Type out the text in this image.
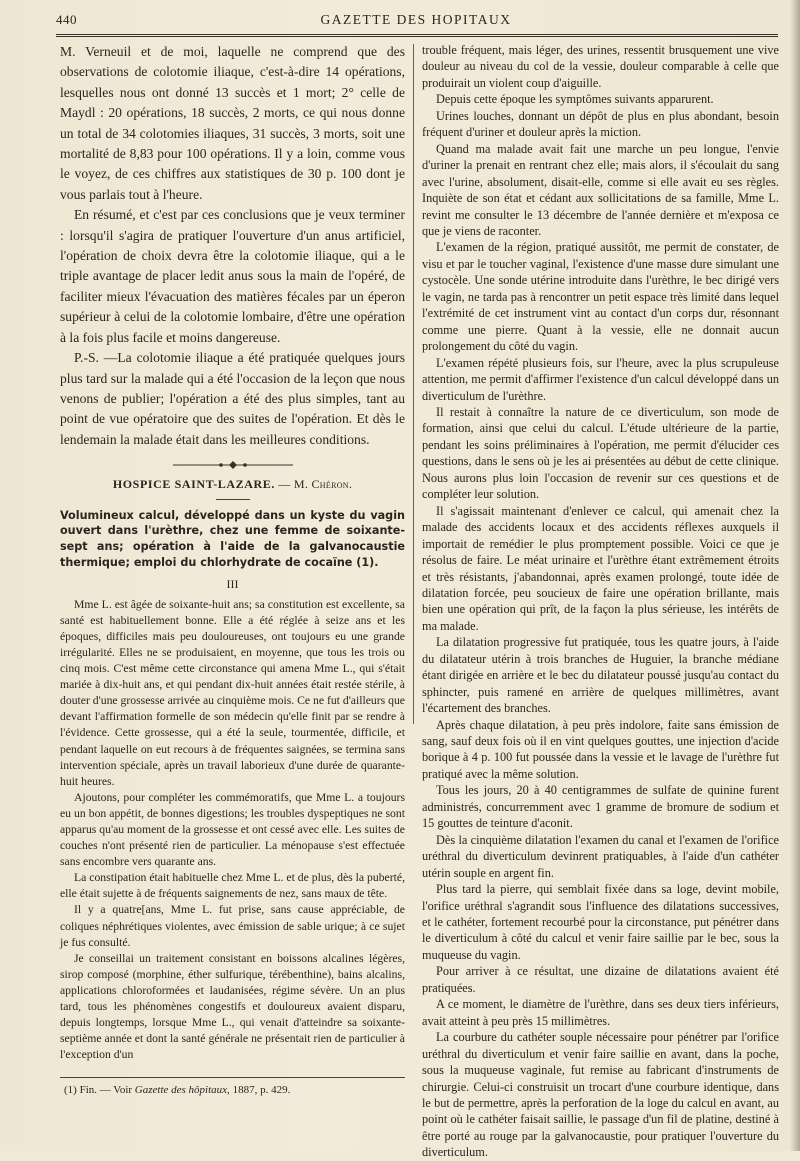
440	GAZETTE DES HOPITAUX

M. Verneuil et de moi, laquelle ne comprend que des observations de colotomie iliaque, c'est-à-dire 14 opérations, lesquelles nous ont donné 13 succès et 1 mort; 2° celle de Maydl : 20 opérations, 18 succès, 2 morts, ce qui nous donne un total de 34 colotomies iliaques, 31 succès, 3 morts, soit une mortalité de 8,83 pour 100 opérations. Il y a loin, comme vous le voyez, de ces chiffres aux statistiques de 30 p. 100 dont je vous parlais tout à l'heure.

En résumé, et c'est par ces conclusions que je veux terminer : lorsqu'il s'agira de pratiquer l'ouverture d'un anus artificiel, l'opération de choix devra être la colotomie iliaque, qui a le triple avantage de placer ledit anus sous la main de l'opéré, de faciliter mieux l'évacuation des matières fécales par un éperon supérieur à celui de la colotomie lombaire, d'être une opération à la fois plus facile et moins dangereuse.

P.-S. —La colotomie iliaque a été pratiquée quelques jours plus tard sur la malade qui a été l'occasion de la leçon que nous venons de publier; l'opération a été des plus simples, tant au point de vue opératoire que des suites de l'opération. Et dès le lendemain la malade était dans les meilleures conditions.

HOSPICE SAINT-LAZARE. — M. Chéron.
Volumineux calcul, développé dans un kyste du vagin ouvert dans l'urèthre, chez une femme de soixante-sept ans; opération à l'aide de la galvanocaustie thermique; emploi du chlorhydrate de cocaïne (1).
III

Mme L. est âgée de soixante-huit ans; sa constitution est excellente, sa santé est habituellement bonne. Elle a été réglée à seize ans et les époques, difficiles mais peu douloureuses, ont toujours eu une grande irrégularité. Elles ne se produisaient, en moyenne, que tous les trois ou cinq mois. C'est même cette circonstance qui amena Mme L., qui s'était mariée à dix-huit ans, et qui pendant dix-huit années était restée stérile, à douter d'une grossesse arrivée au cinquième mois. Ce ne fut d'ailleurs que devant l'affirmation formelle de son médecin qu'elle finit par se rendre à l'évidence. Cette grossesse, qui a été la seule, tourmentée, difficile, et pendant laquelle on eut recours à de fréquentes saignées, se termina sans intervention spéciale, après un travail laborieux d'une durée de quarante-huit heures.

Ajoutons, pour compléter les commémoratifs, que Mme L. a toujours eu un bon appétit, de bonnes digestions; les troubles dyspeptiques ne sont apparus qu'au moment de la grossesse et ont cessé avec elle. Les suites de couches n'ont présenté rien de particulier. La ménopause s'est effectuée sans encombre vers quarante ans.

La constipation était habituelle chez Mme L. et de plus, dès la puberté, elle était sujette à de fréquents saignements de nez, sans maux de tête.

Il y a quatre[ans, Mme L. fut prise, sans cause appréciable, de coliques néphrétiques violentes, avec émission de sable urique; à ce sujet je fus consulté.

Je conseillai un traitement consistant en boissons alcalines légères, sirop composé (morphine, éther sulfurique, térébenthine), bains alcalins, applications chloroformées et laudanisées, régime sévère. Un an plus tard, tous les phénomènes congestifs et douloureux avaient disparu, depuis longtemps, lorsque Mme L., qui venait d'atteindre sa soixante-septième année et dont la santé générale ne présentait rien de particulier à l'exception d'un

(1) Fin. — Voir Gazette des hôpitaux, 1887, p. 429.

trouble fréquent, mais léger, des urines, ressentit brusquement une vive douleur au niveau du col de la vessie, douleur comparable à celle que produirait un violent coup d'aiguille.

Depuis cette époque les symptômes suivants apparurent.

Urines louches, donnant un dépôt de plus en plus abondant, besoin fréquent d'uriner et douleur après la miction.

Quand ma malade avait fait une marche un peu longue, l'envie d'uriner la prenait en rentrant chez elle; mais alors, il s'écoulait du sang avec l'urine, absolument, disait-elle, comme si elle avait eu ses règles. Inquiète de son état et cédant aux sollicitations de sa famille, Mme L. revint me consulter le 13 décembre de l'année dernière et m'exposa ce que je viens de raconter.

L'examen de la région, pratiqué aussitôt, me permit de constater, de visu et par le toucher vaginal, l'existence d'une masse dure simulant une cystocèle. Une sonde utérine introduite dans l'urèthre, le bec dirigé vers le vagin, ne tarda pas à rencontrer un petit espace très limité dans lequel l'extrémité de cet instrument vint au contact d'un corps dur, résonnant comme une pierre. Quant à la vessie, elle ne donnait aucun prolongement du côté du vagin.

L'examen répété plusieurs fois, sur l'heure, avec la plus scrupuleuse attention, me permit d'affirmer l'existence d'un calcul développé dans un diverticulum de l'urèthre.

Il restait à connaître la nature de ce diverticulum, son mode de formation, ainsi que celui du calcul. L'étude ultérieure de la partie, pendant les soins préliminaires à l'opération, me permit d'élucider ces questions, dans le sens où je les ai présentées au début de cette clinique. Nous aurons plus loin l'occasion de revenir sur ces questions et de compléter leur solution.

Il s'agissait maintenant d'enlever ce calcul, qui amenait chez la malade des accidents locaux et des accidents réflexes auxquels il importait de remédier le plus promptement possible. Voici ce que je résolus de faire. Le méat urinaire et l'urèthre étant extrêmement étroits et très résistants, j'abandonnai, après examen prolongé, toute idée de dilatation forcée, peu soucieux de faire une opération brillante, mais bien une opération qui prît, de la façon la plus sérieuse, les intérêts de ma malade.

La dilatation progressive fut pratiquée, tous les quatre jours, à l'aide du dilatateur utérin à trois branches de Huguier, la branche médiane étant dirigée en arrière et le bec du dilatateur poussé jusqu'au contact du sphincter, puis ramené en arrière de quelques millimètres, avant l'écartement des branches.

Après chaque dilatation, à peu près indolore, faite sans émission de sang, sauf deux fois où il en vint quelques gouttes, une injection d'acide borique à 4 p. 100 fut poussée dans la vessie et le lavage de l'urèthre fut pratiqué avec la même solution.

Tous les jours, 20 à 40 centigrammes de sulfate de quinine furent administrés, concurremment avec 1 gramme de bromure de sodium et 15 gouttes de teinture d'aconit.

Dès la cinquième dilatation l'examen du canal et l'examen de l'orifice uréthral du diverticulum devinrent pratiquables, à l'aide d'un cathéter utérin souple en argent fin.

Plus tard la pierre, qui semblait fixée dans sa loge, devint mobile, l'orifice uréthral s'agrandit sous l'influence des dilatations successives, et le cathéter, fortement recourbé pour la circonstance, put pénétrer dans le diverticulum à côté du calcul et venir faire saillie par le bec, sous la muqueuse du vagin.

Pour arriver à ce résultat, une dizaine de dilatations avaient été pratiquées.

A ce moment, le diamètre de l'urèthre, dans ses deux tiers inférieurs, avait atteint à peu près 15 millimètres.

La courbure du cathéter souple nécessaire pour pénétrer par l'orifice uréthral du diverticulum et venir faire saillie en avant, dans la poche, sous la muqueuse vaginale, fut remise au fabricant d'instruments de chirurgie. Celui-ci construisit un trocart d'une courbure identique, dans le but de permettre, après la perforation de la loge du calcul en avant, au point où le cathéter faisait saillie, le passage d'un fil de platine, destiné à être porté au rouge par la galvanocaustie, pour pratiquer l'ouverture du diverticulum.
